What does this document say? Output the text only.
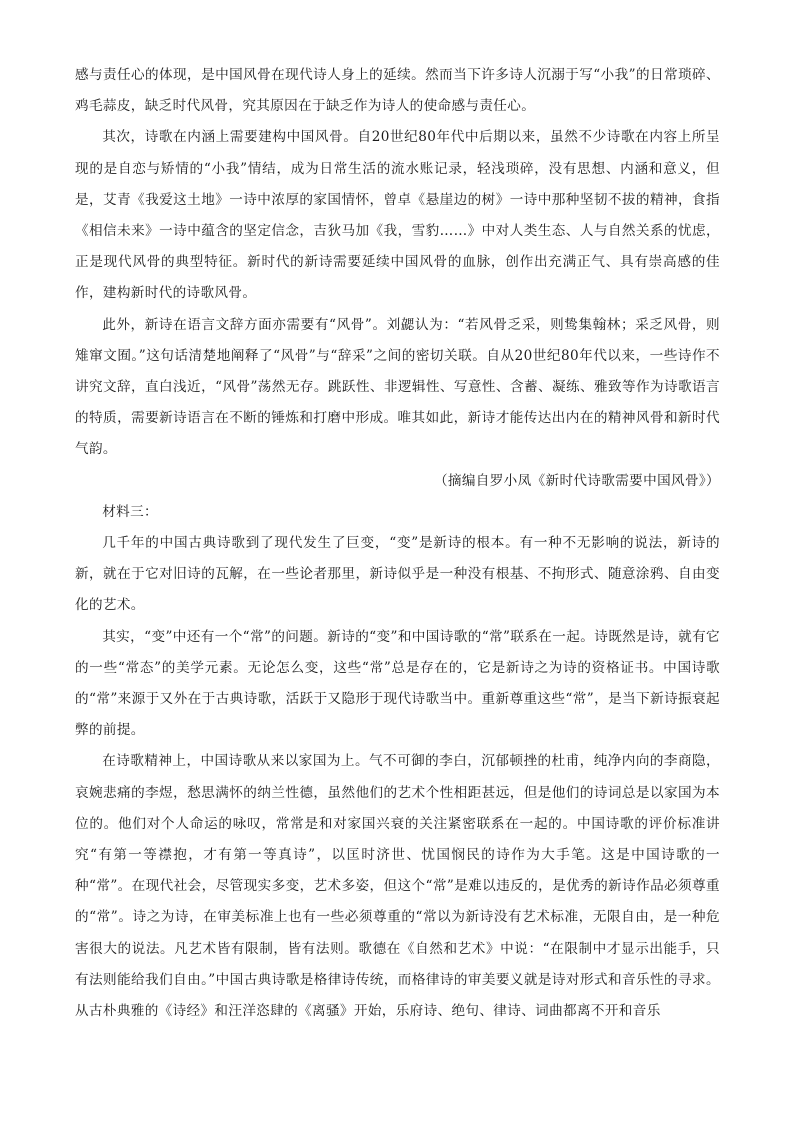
感与责任心的体现，是中国风骨在现代诗人身上的延续。然而当下许多诗人沉溺于写“小我”的日常琐碎、鸡毛蒜皮，缺乏时代风骨，究其原因在于缺乏作为诗人的使命感与责任心。

其次，诗歌在内涵上需要建构中国风骨。自20世纪80年代中后期以来，虽然不少诗歌在内容上所呈现的是自恋与矫情的“小我”情结，成为日常生活的流水账记录，轻浅琐碎，没有思想、内涵和意义，但是，艾青《我爱这土地》一诗中浓厚的家国情怀，曾卓《悬崖边的树》一诗中那种坚韧不拔的精神，食指《相信未来》一诗中蕴含的坚定信念，吉狄马加《我，雪豹……》中对人类生态、人与自然关系的忧虑，正是现代风骨的典型特征。新时代的新诗需要延续中国风骨的血脉，创作出充满正气、具有崇高感的佳作，建构新时代的诗歌风骨。

此外，新诗在语言文辞方面亦需要有“风骨”。刘勰认为：“若风骨乏采，则鸷集翰林；采乏风骨，则雉窜文囿。”这句话清楚地阐释了“风骨”与“辞采”之间的密切关联。自从20世纪80年代以来，一些诗作不讲究文辞，直白浅近，“风骨”荡然无存。跳跃性、非逻辑性、写意性、含蓄、凝练、雅致等作为诗歌语言的特质，需要新诗语言在不断的锤炼和打磨中形成。唯其如此，新诗才能传达出内在的精神风骨和新时代气韵。

（摘编自罗小凤《新时代诗歌需要中国风骨》）

材料三：

几千年的中国古典诗歌到了现代发生了巨变，“变”是新诗的根本。有一种不无影响的说法，新诗的新，就在于它对旧诗的瓦解，在一些论者那里，新诗似乎是一种没有根基、不拘形式、随意涂鸦、自由变化的艺术。

其实，“变”中还有一个“常”的问题。新诗的“变”和中国诗歌的“常”联系在一起。诗既然是诗，就有它的一些“常态”的美学元素。无论怎么变，这些“常”总是存在的，它是新诗之为诗的资格证书。中国诗歌的“常”来源于又外在于古典诗歌，活跃于又隐形于现代诗歌当中。重新尊重这些“常”，是当下新诗振衰起弊的前提。

在诗歌精神上，中国诗歌从来以家国为上。气不可御的李白，沉郁顿挫的杜甫，纯净内向的李商隐，哀婉悲痛的李煜，愁思满怀的纳兰性德，虽然他们的艺术个性相距甚远，但是他们的诗词总是以家国为本位的。他们对个人命运的咏叹，常常是和对家国兴衰的关注紧密联系在一起的。中国诗歌的评价标准讲究“有第一等襟抱，才有第一等真诗”，以匡时济世、忧国悯民的诗作为大手笔。这是中国诗歌的一种“常”。在现代社会，尽管现实多变，艺术多姿，但这个“常”是难以违反的，是优秀的新诗作品必须尊重的“常”。诗之为诗，在审美标准上也有一些必须尊重的“常以为新诗没有艺术标准，无限自由，是一种危害很大的说法。凡艺术皆有限制，皆有法则。歌德在《自然和艺术》中说：“在限制中才显示出能手，只有法则能给我们自由。”中国古典诗歌是格律诗传统，而格律诗的审美要义就是诗对形式和音乐性的寻求。从古朴典雅的《诗经》和汪洋恣肆的《离骚》开始，乐府诗、绝句、律诗、词曲都离不开和音乐
